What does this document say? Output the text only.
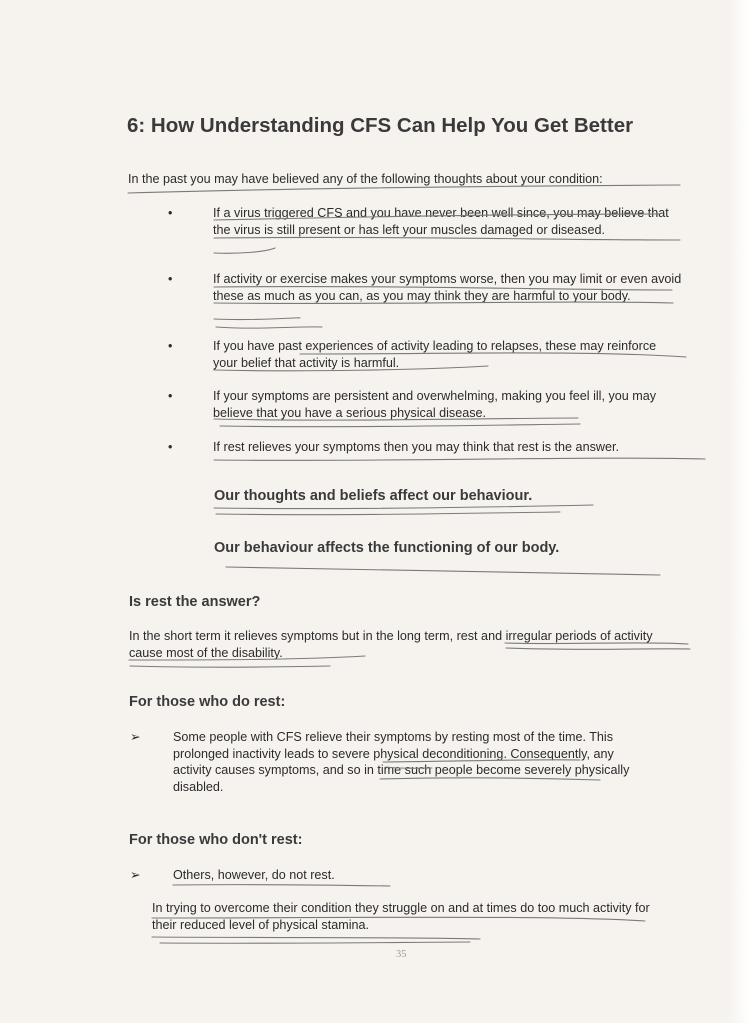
6: How Understanding CFS Can Help You Get Better
In the past you may have believed any of the following thoughts about your condition:
•	If a virus triggered CFS and you have never been well since, you may believe that the virus is still present or has left your muscles damaged or diseased.
•	If activity or exercise makes your symptoms worse, then you may limit or even avoid these as much as you can, as you may think they are harmful to your body.
•	If you have past experiences of activity leading to relapses, these may reinforce your belief that activity is harmful.
•	If your symptoms are persistent and overwhelming, making you feel ill, you may believe that you have a serious physical disease.
•	If rest relieves your symptoms then you may think that rest is the answer.
Our thoughts and beliefs affect our behaviour.
Our behaviour affects the functioning of our body.
Is rest the answer?
In the short term it relieves symptoms but in the long term, rest and irregular periods of activity cause most of the disability.
For those who do rest:
➢	Some people with CFS relieve their symptoms by resting most of the time. This prolonged inactivity leads to severe physical deconditioning. Consequently, any activity causes symptoms, and so in time such people become severely physically disabled.
For those who don't rest:
➢	Others, however, do not rest.
In trying to overcome their condition they struggle on and at times do too much activity for their reduced level of physical stamina.
35
